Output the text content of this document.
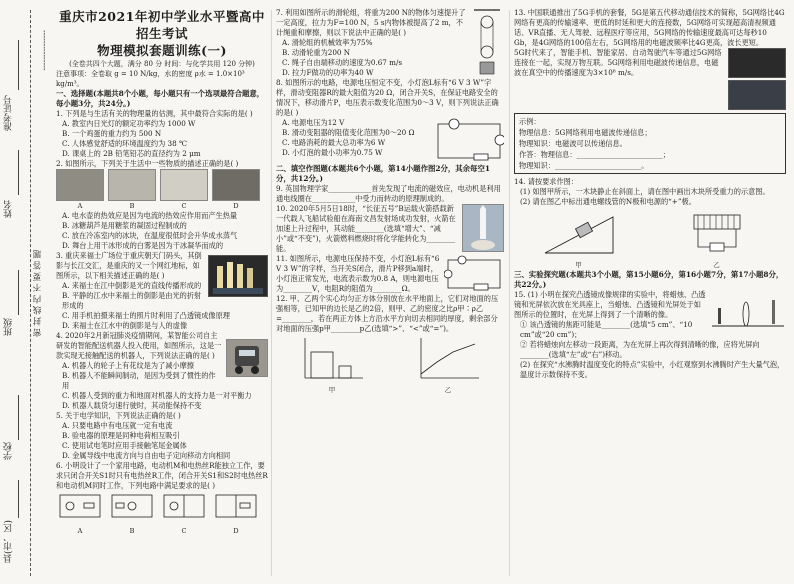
准考证号
姓名
班级
学校
县(市、区)
密 封 线 内 不 要 答 题
---------------

重庆市2021年初中学业水平暨高中招生考试

物理模拟套题训练(一)

(全卷共四个大题，满分 80 分 时间：与化学共用 120 分钟)

注意事项：全卷取 g = 10 N/kg，水的密度 ρ水 = 1.0×10³ kg/m³。

一、选择题(本题共8个小题，每小题只有一个选项最符合题意，每小题3分，共24分。)

1. 下列是与生活有关的物理量的估测，其中最符合实际的是( )

A. 教室内日光灯的额定功率约为 1000 W

B. 一个鸡蛋的重力约为 500 N

C. 人体感觉舒适的环境温度约为 38 ℃

D. 课桌上的 2B 铅笔铅芯的直径约为 2 μm

2. 如图所示，下列关于生活中一些物质的描述正确的是( )

A	B	C	D

A. 电水壶的热效应是因为电流的热效应作用而产生热量

B. 冰糖葫芦是用糖浆的凝固过程制成的

C. 放在冷冻室内的冰块，在温度很低时会升华成水蒸气

D. 舞台上用干冰形成的白雾是因为干冰凝华而成的

3. 重庆来福士广场位于重庆朝天门码头，其倒影与长江交汇，是重庆的又一个网红地标，如图所示，以下相关描述正确的是( )

A. 来福士在江中倒影是光的直线传播形成的

B. 平静的江水中来福士的倒影是由光的折射形成的

C. 用手机拍摄来福士的照片时利用了凸透镜成像原理

D. 来福士在江水中的倒影是与人的虚像

4. 2020年2月新冠肺炎疫情期间，某智能公司自主研发的智能配送机器人投入使用，如图所示，这是一款实现无接触配送的机器人，下列说法正确的是( )

A. 机器人的轮子上有花纹是为了减小摩擦

B. 机器人不能瞬间制动，是因为受到了惯性的作用

C. 机器人受到的重力和地面对机器人的支持力是一对平衡力

D. 机器人载货匀速行驶时，其动能保持不变

5. 关于电学知识，下列说法正确的是( )

A. 只要电路中有电压就一定有电流

B. 验电器的原理是同种电荷相互吸引

C. 使用试电笔时应用手接触笔尾金属体

D. 金属导线中电流方向与自由电子定向移动方向相同

6. 小明设计了一个家用电路，电动机M和电热丝R能独立工作，要求只闭合开关S1时只有电热丝R工作，闭合开关S1和S2时电热丝R和电动机M同时工作，下列电路中满足要求的是( )

A	B	C	D

7. 利用如图所示的滑轮组，将重为200 N的物体匀速提升了一定高度，拉力为F=100 N，5 s内物体被提高了2 m，不计绳重和摩擦，则以下说法中正确的是( )

A. 滑轮组的机械效率为75%

B. 动滑轮重为200 N

C. 绳子自由端移动的速度为0.67 m/s

D. 拉力F做功的功率为40 W

8. 如图所示的电路，电源电压恒定不变，小灯泡L标有“6 V 3 W”字样，滑动变阻器R的最大阻值为20 Ω，闭合开关S，在保证电路安全的情况下，移动滑片P，电压表示数变化范围为0～3 V，则下列说法正确的是( )

A. 电源电压为12 V

B. 滑动变阻器的阻值变化范围为0～20 Ω

C. 电路消耗的最大总功率为6 W

D. 小灯泡的最小功率为0.75 W

二、填空作图题(本题共6个小题，第14小题作图2分，其余每空1分，共12分。)

9. 英国物理学家____________首先发现了电流的磁效应，电动机是利用通电线圈在____________中受力而转动的原理制成的。

10. 2020年5月5日18时，“长征五号”B运载火箭搭载新一代载人飞船试验船在海南文昌发射场成功发射，火箭在加速上升过程中，其动能________(选填“增大”、“减小”或“不变”)，火箭燃料燃烧时将化学能转化为________能。

11. 如图所示，电源电压保持不变，小灯泡L标有“6 V 3 W”的字样，当开关S闭合，滑片P移到a端时，小灯泡正常发光，电流表示数为0.8 A，则电源电压为________V，电阻R的阻值为________Ω。

12. 甲、乙两个实心均匀正方体分别放在水平地面上，它们对地面的压强相等，已知甲的边长是乙的2倍，则甲、乙的密度之比ρ甲∶ρ乙=________，若在两正方体上方沿水平方向切去相同的厚度，剩余部分对地面的压强p甲________p乙(选填“>”、“<”或“=”)。

甲	乙

13. 中国联通推出了5G手机的套餐，5G是第五代移动通信技术的简称，5G网络比4G网络有更高的传输速率、更低的时延和更大的连接数，5G网络可实现超高清视频通话、VR直播、无人驾驶、远程医疗等应用，5G网络的传输速度最高可达每秒10 Gb，是4G网络的100倍左右，5G网络用的电磁波频率比4G更高，波长更短。

5G时代来了，智能手机、智能家居、自动驾驶汽车等通过5G网络连接在一起，实现万物互联。5G网络利用电磁波传递信息，电磁波在真空中的传播速度为3×10⁸ m/s。

示例：

物理信息：5G网络利用电磁波传递信息；

物理知识：电磁波可以传递信息。

作答：物理信息：________________________；

物理知识：________________________。

14. 请按要求作图：

(1) 如图甲所示，一木块静止在斜面上，请在图中画出木块所受重力的示意图。

(2) 请在图乙中标出通电螺线管的N极和电源的“+”极。

甲	乙

三、实验探究题(本题共3个小题，第15小题6分，第16小题7分，第17小题8分，共22分。)

15. (1) 小明在探究凸透镜成像规律的实验中，将蜡烛、凸透镜和光屏依次放在光具座上，当蜡烛、凸透镜和光屏处于如图所示的位置时，在光屏上得到了一个清晰的像。

① 该凸透镜的焦距可能是________(选填“5 cm”、“10 cm”或“20 cm”)；

② 若将蜡烛向左移动一段距离，为在光屏上再次得到清晰的像，应将光屏向________(选填“左”或“右”)移动。

(2) 在探究“水沸腾时温度变化的特点”实验中，小红观察到水沸腾时产生大量气泡，温度计示数保持不变。
